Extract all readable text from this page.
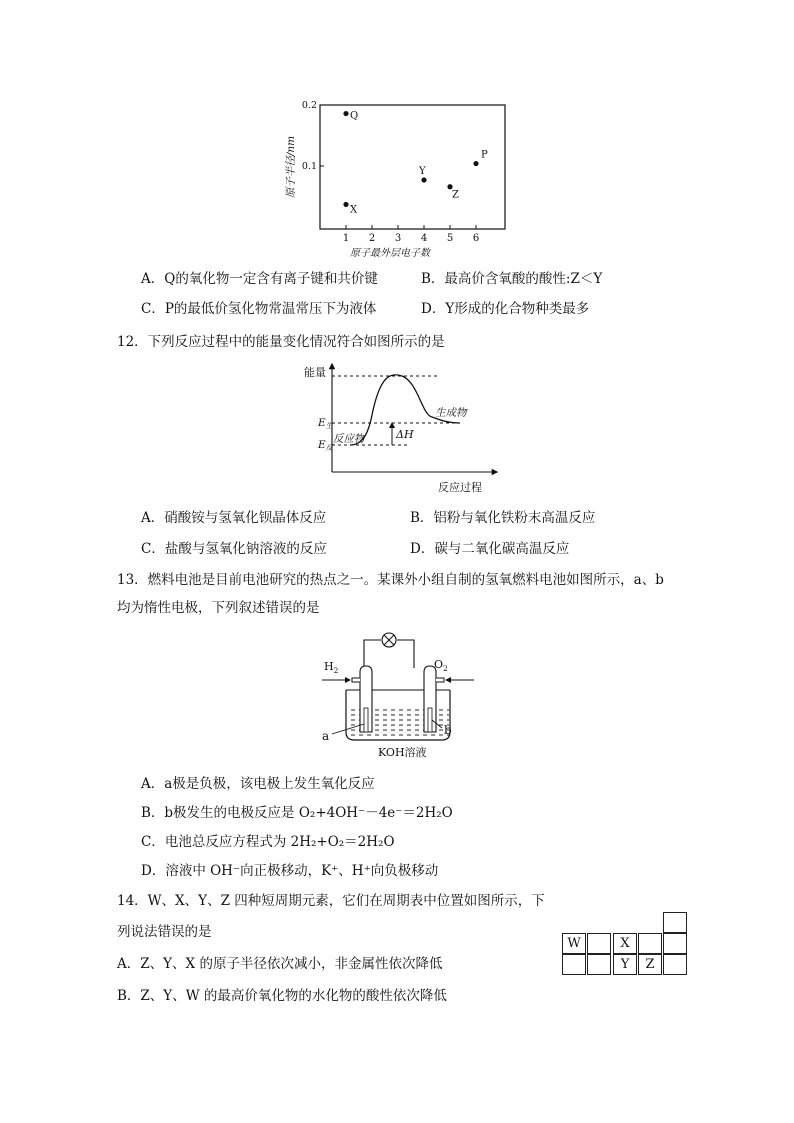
原子半径/nm
原子最外层电子数
0.2
0.1
1 2 3 4 5 6
Q
X
Y
Z
P
A．Q的氧化物一定含有离子键和共价键	B．最高价含氧酸的酸性:Z＜Y
C．P的最低价氢化物常温常压下为液体	D．Y形成的化合物种类最多
12．下列反应过程中的能量变化情况符合如图所示的是
能量
反应过程
ΔH
生成物
反应物
E生
E反
A．硝酸铵与氢氧化钡晶体反应	B．铝粉与氧化铁粉末高温反应
C．盐酸与氢氧化钠溶液的反应	D．碳与二氧化碳高温反应
13．燃料电池是目前电池研究的热点之一。某课外小组自制的氢氧燃料电池如图所示，a、b
均为惰性电极，下列叙述错误的是
$H_2$	$O_2$
a	b
KOH溶液
A．a极是负极，该电极上发生氧化反应
B．b极发生的电极反应是 O₂+4OH⁻－4e⁻＝2H₂O
C．电池总反应方程式为 2H₂+O₂＝2H₂O
D．溶液中 OH⁻向正极移动，K⁺、H⁺向负极移动
14．W、X、Y、Z 四种短周期元素，它们在周期表中位置如图所示，下
列说法错误的是
A．Z、Y、X 的原子半径依次减小，非金属性依次降低
B．Z、Y、W 的最高价氧化物的水化物的酸性依次降低
W	X
Y	Z
